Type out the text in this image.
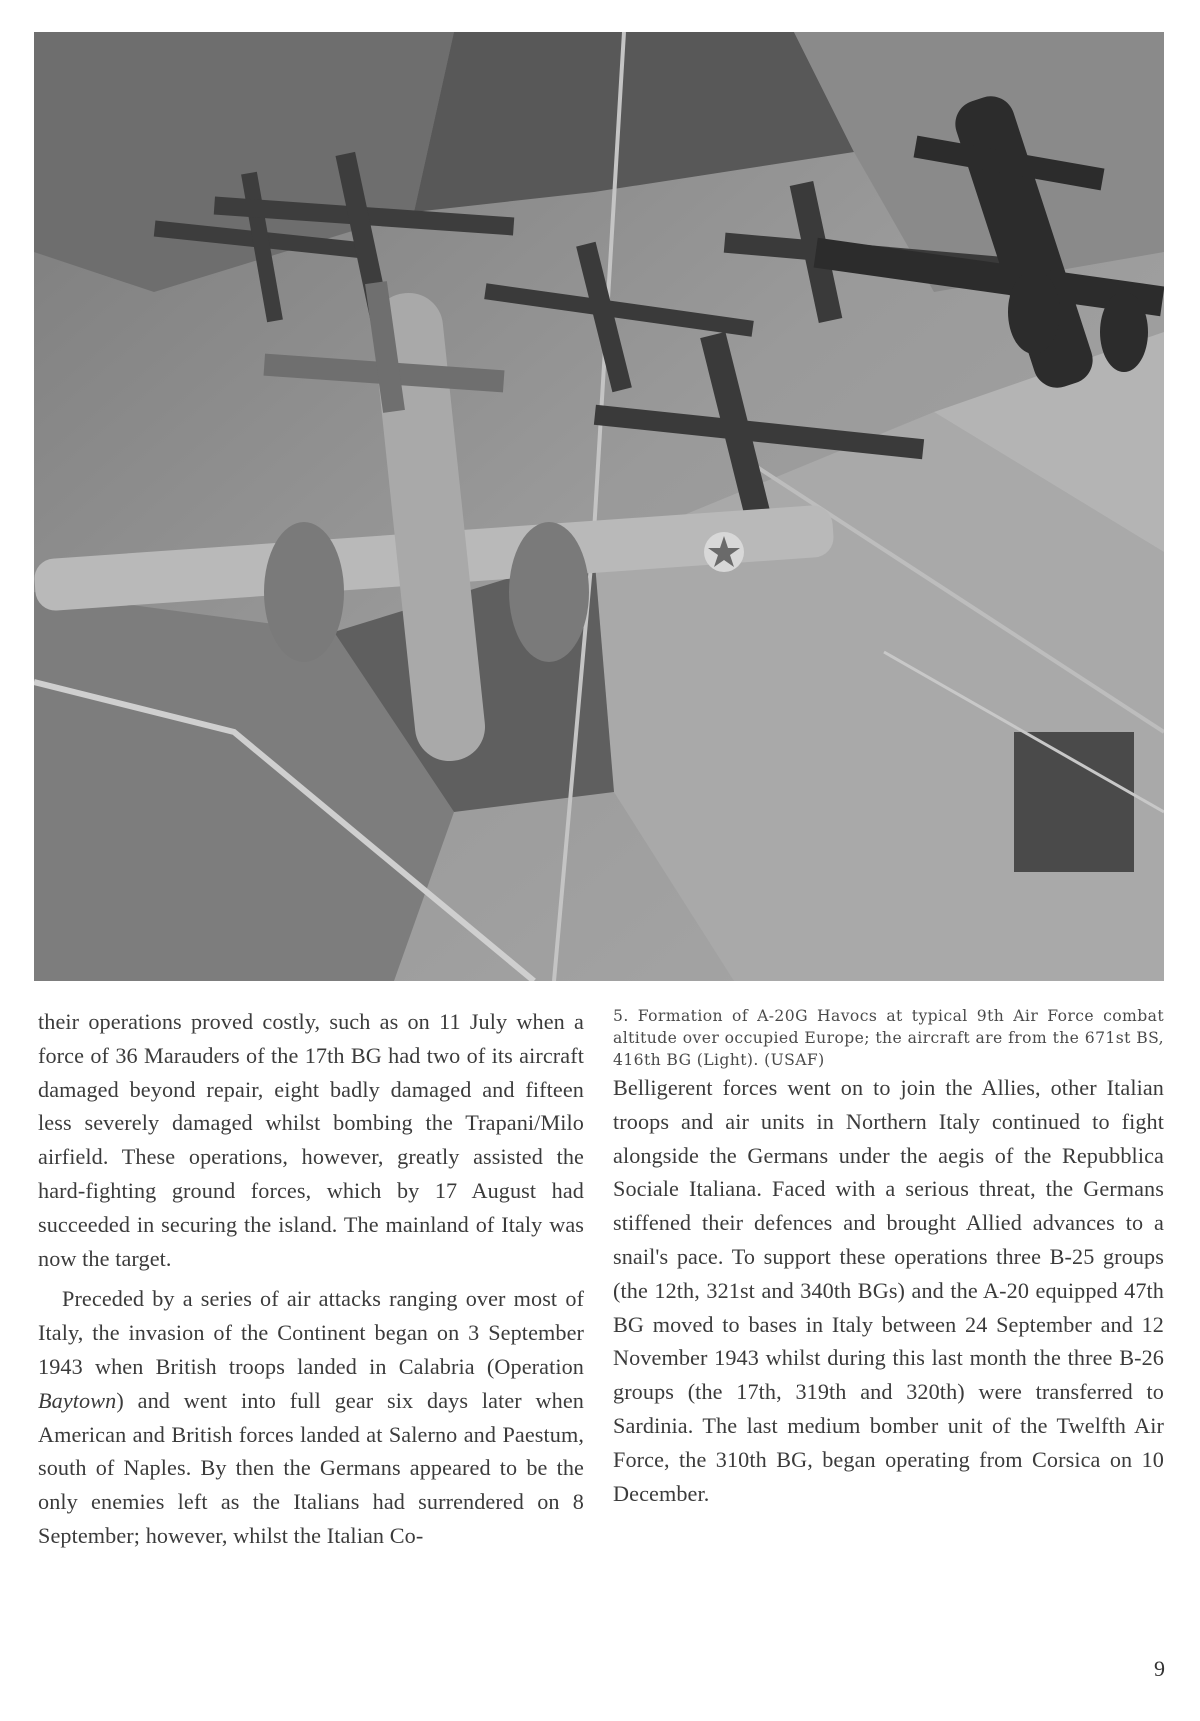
their operations proved costly, such as on 11 July when a force of 36 Marauders of the 17th BG had two of its aircraft damaged beyond repair, eight badly damaged and fifteen less severely damaged whilst bombing the Trapani/Milo airfield. These operations, however, greatly assisted the hard-fighting ground forces, which by 17 August had succeeded in securing the island. The mainland of Italy was now the target.

Preceded by a series of air attacks ranging over most of Italy, the invasion of the Continent began on 3 September 1943 when British troops landed in Calabria (Operation Baytown) and went into full gear six days later when American and British forces landed at Salerno and Paestum, south of Naples. By then the Germans appeared to be the only enemies left as the Italians had surrendered on 8 September; however, whilst the Italian Co-

5. Formation of A-20G Havocs at typical 9th Air Force combat altitude over occupied Europe; the aircraft are from the 671st BS, 416th BG (Light). (USAF)

Belligerent forces went on to join the Allies, other Italian troops and air units in Northern Italy continued to fight alongside the Germans under the aegis of the Repubblica Sociale Italiana. Faced with a serious threat, the Germans stiffened their defences and brought Allied advances to a snail's pace. To support these operations three B-25 groups (the 12th, 321st and 340th BGs) and the A-20 equipped 47th BG moved to bases in Italy between 24 September and 12 November 1943 whilst during this last month the three B-26 groups (the 17th, 319th and 320th) were transferred to Sardinia. The last medium bomber unit of the Twelfth Air Force, the 310th BG, began operating from Corsica on 10 December.

9
